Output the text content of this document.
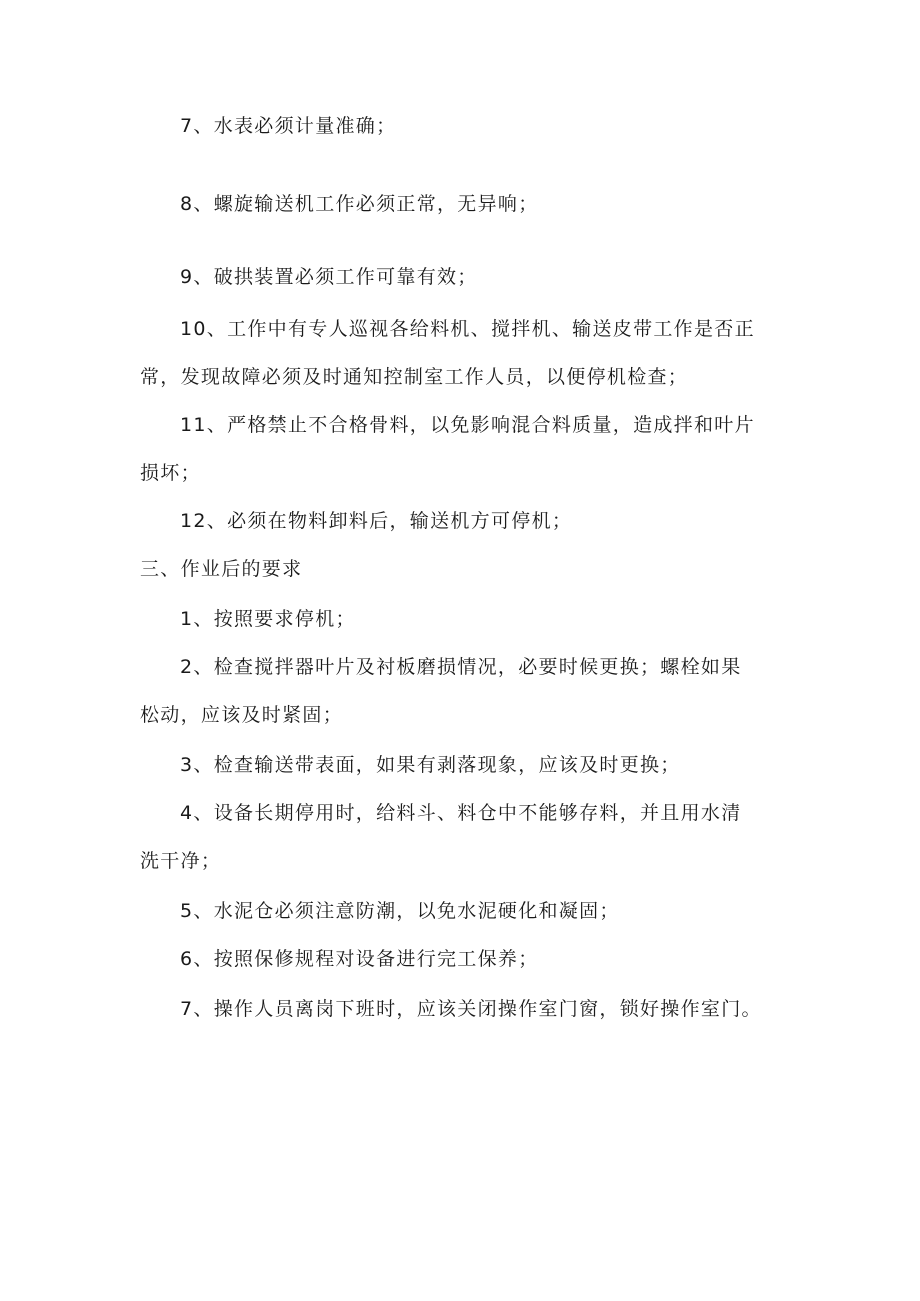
7、水表必须计量准确；
8、螺旋输送机工作必须正常，无异响；
9、破拱装置必须工作可靠有效；
10、工作中有专人巡视各给料机、搅拌机、输送皮带工作是否正
常，发现故障必须及时通知控制室工作人员，以便停机检查；
11、严格禁止不合格骨料，以免影响混合料质量，造成拌和叶片
损坏；
12、必须在物料卸料后，输送机方可停机；
三、作业后的要求
1、按照要求停机；
2、检查搅拌器叶片及衬板磨损情况，必要时候更换；螺栓如果
松动，应该及时紧固；
3、检查输送带表面，如果有剥落现象，应该及时更换；
4、设备长期停用时，给料斗、料仓中不能够存料，并且用水清
洗干净；
5、水泥仓必须注意防潮，以免水泥硬化和凝固；
6、按照保修规程对设备进行完工保养；
7、操作人员离岗下班时，应该关闭操作室门窗，锁好操作室门。
